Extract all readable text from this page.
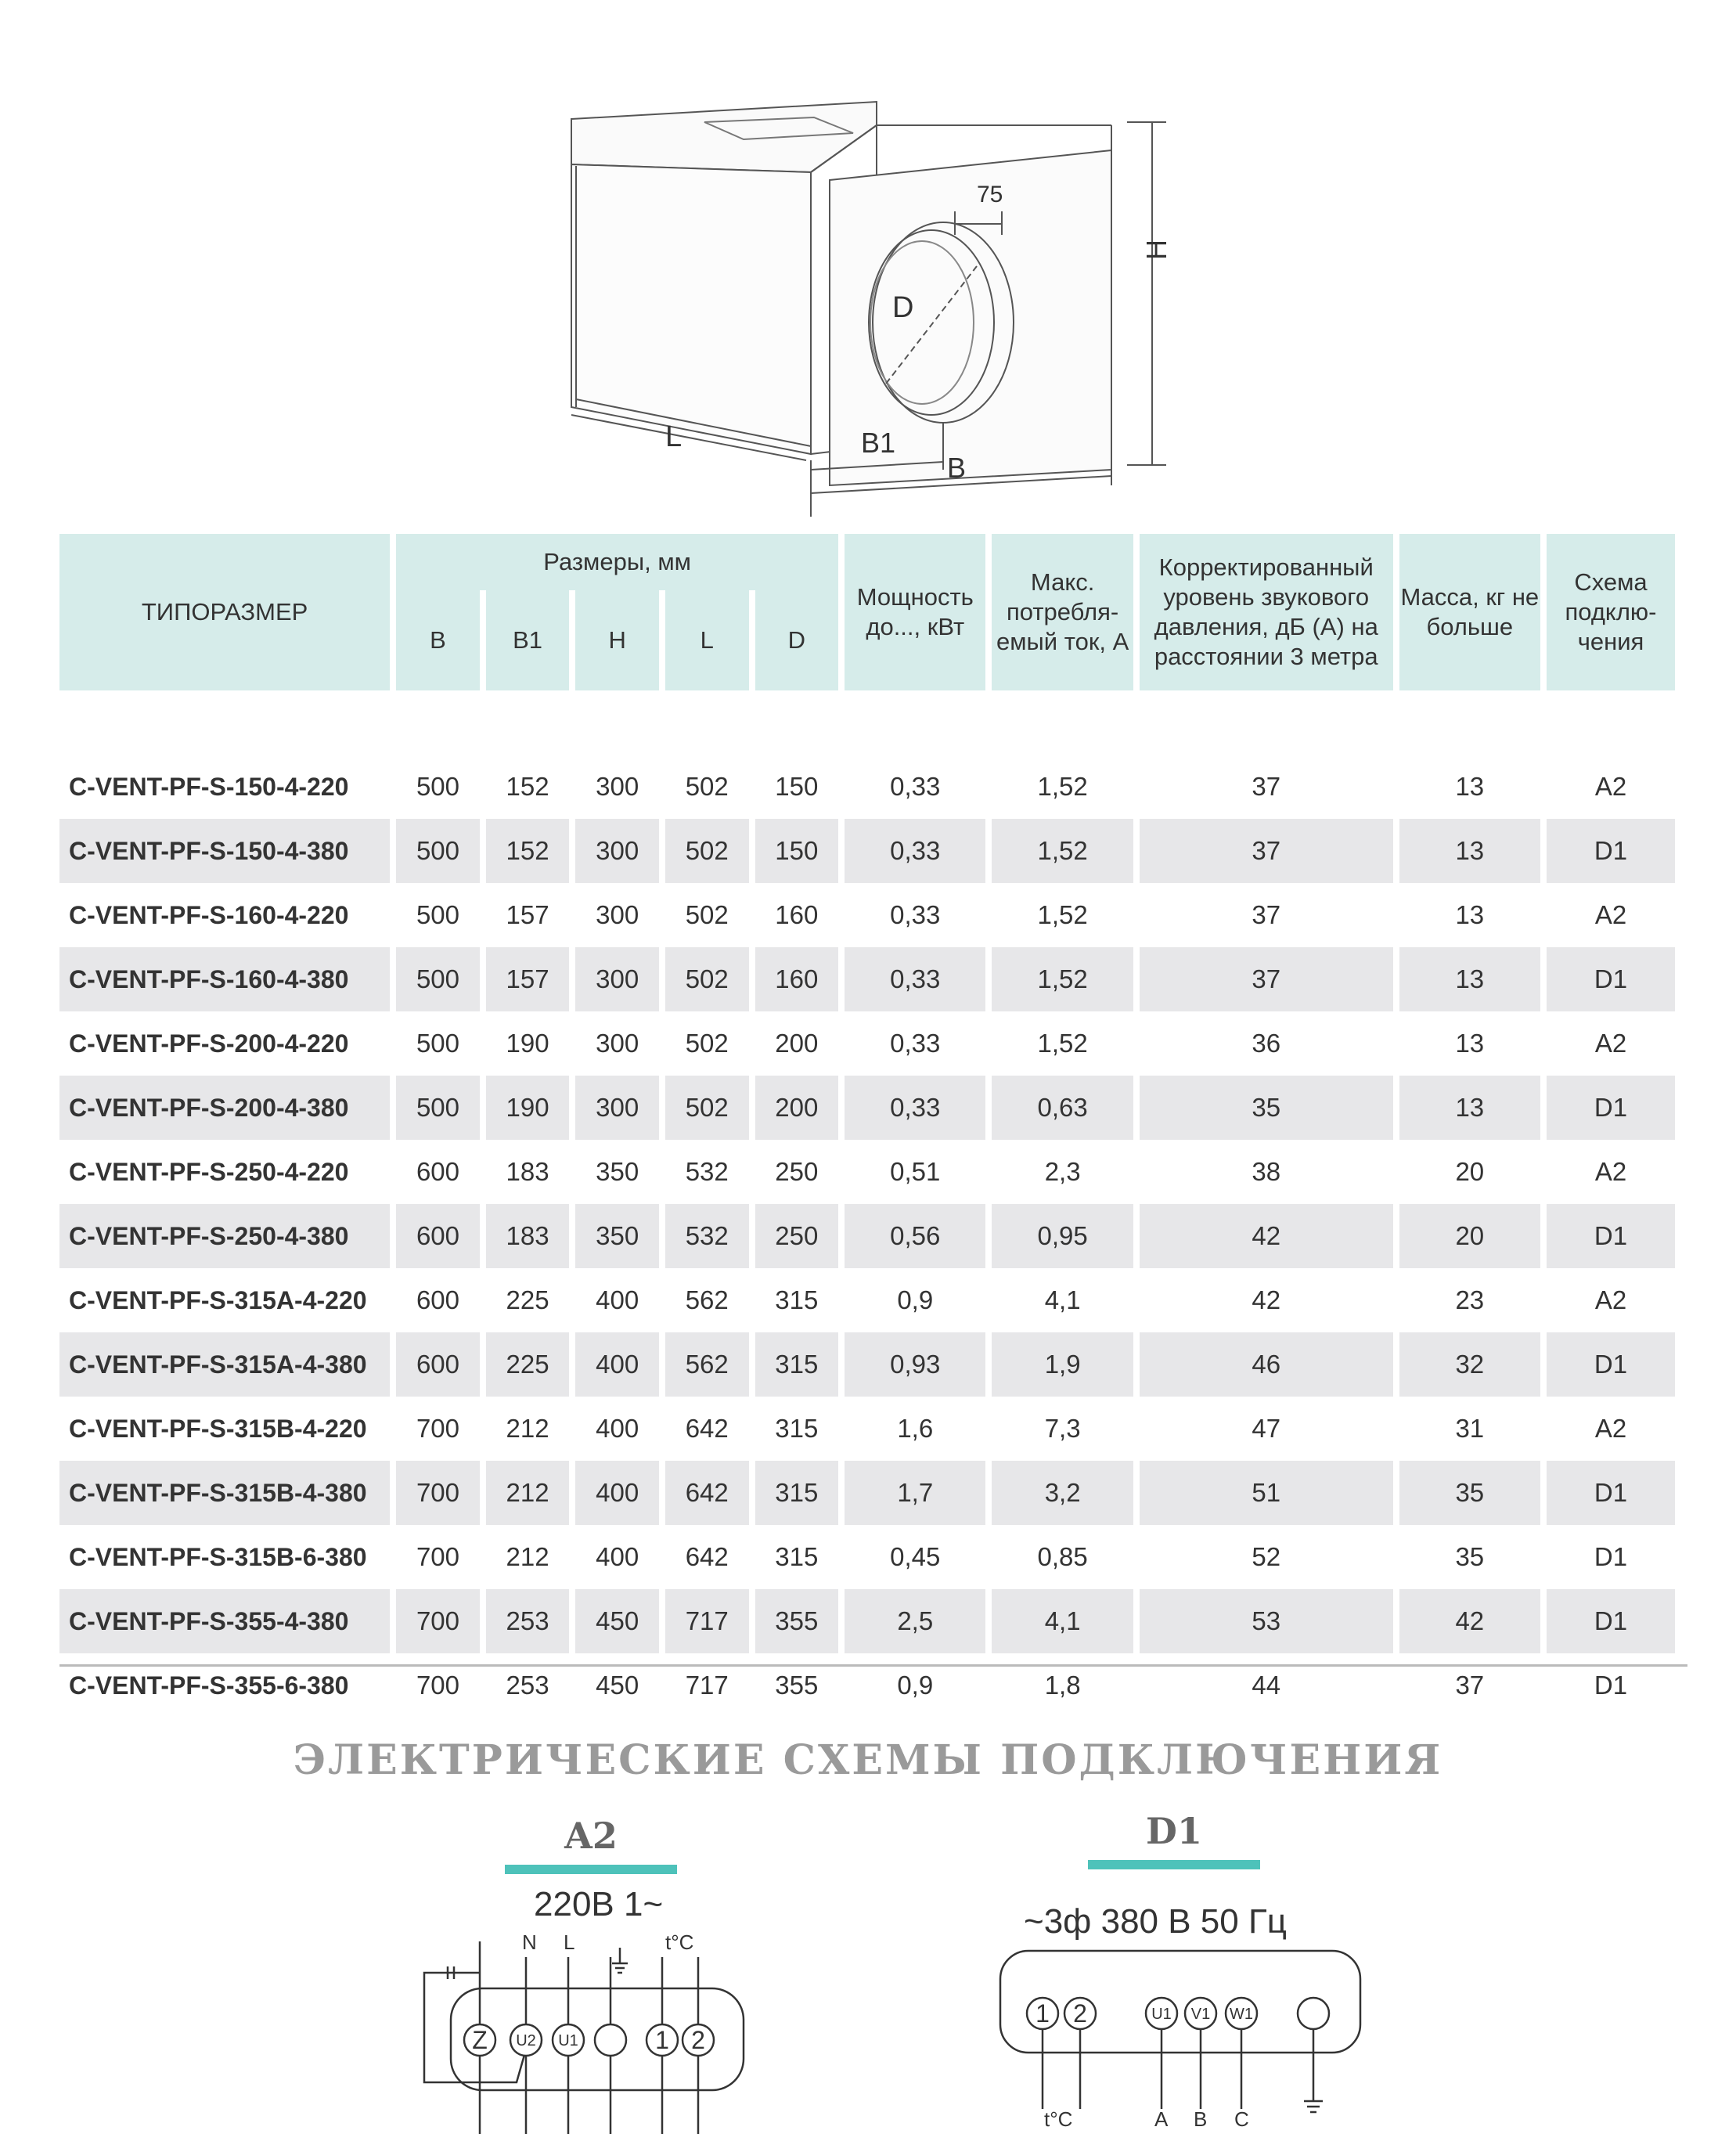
75
H
D
L	B1
B
ТИПОРАЗМЕР	Размеры, мм					Мощность до..., кВт	Макс. потребля-емый ток, А	Корректированный уровень звукового давления, дБ (А) на расстоянии 3 метра	Масса, кг не больше	Схема подклю-чения
	B	B1	H	L	D					

C-VENT-PF-S-150-4-220	500	152	300	502	150	0,33	1,52	37	13	A2
C-VENT-PF-S-150-4-380	500	152	300	502	150	0,33	1,52	37	13	D1
C-VENT-PF-S-160-4-220	500	157	300	502	160	0,33	1,52	37	13	A2
C-VENT-PF-S-160-4-380	500	157	300	502	160	0,33	1,52	37	13	D1
C-VENT-PF-S-200-4-220	500	190	300	502	200	0,33	1,52	36	13	A2
C-VENT-PF-S-200-4-380	500	190	300	502	200	0,33	0,63	35	13	D1
C-VENT-PF-S-250-4-220	600	183	350	532	250	0,51	2,3	38	20	A2
C-VENT-PF-S-250-4-380	600	183	350	532	250	0,56	0,95	42	20	D1
C-VENT-PF-S-315A-4-220	600	225	400	562	315	0,9	4,1	42	23	A2
C-VENT-PF-S-315A-4-380	600	225	400	562	315	0,93	1,9	46	32	D1
C-VENT-PF-S-315B-4-220	700	212	400	642	315	1,6	7,3	47	31	A2
C-VENT-PF-S-315B-4-380	700	212	400	642	315	1,7	3,2	51	35	D1
C-VENT-PF-S-315B-6-380	700	212	400	642	315	0,45	0,85	52	35	D1
C-VENT-PF-S-355-4-380	700	253	450	717	355	2,5	4,1	53	42	D1
C-VENT-PF-S-355-6-380	700	253	450	717	355	0,9	1,8	44	37	D1
ЭЛЕКТРИЧЕСКИЕ СХЕМЫ ПОДКЛЮЧЕНИЯ
A2
220В 1~
Z U2 U1	1 2
N L	t°C
D1
~3ф 380 В 50 Гц
1 2	U1 V1 W1
t°C	A B C
